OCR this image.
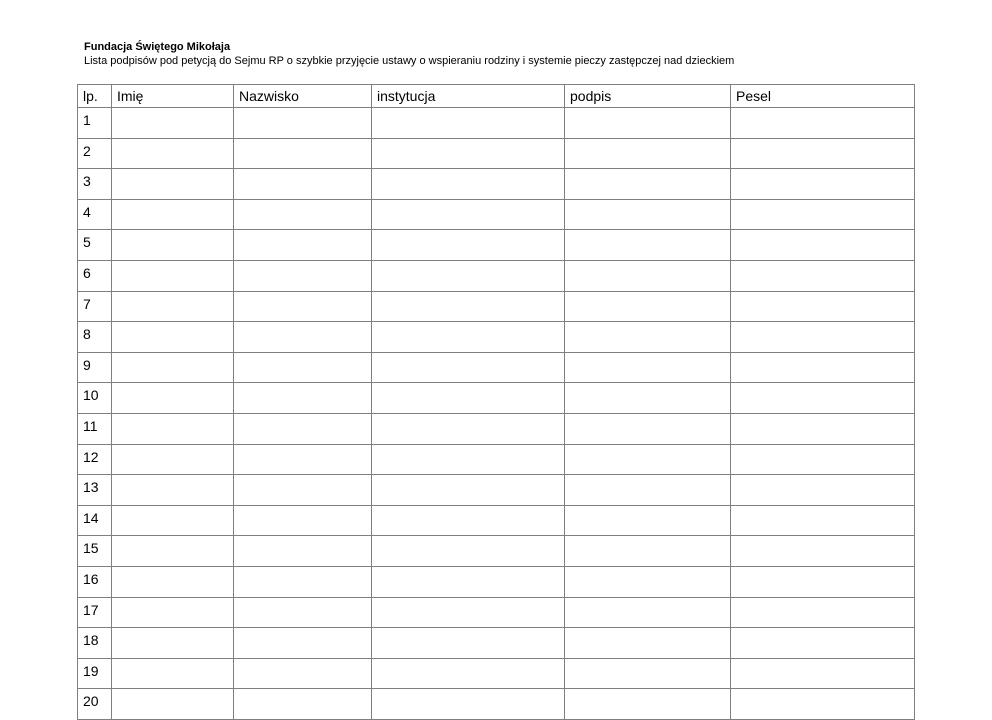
Fundacja Świętego Mikołaja
Lista podpisów pod petycją do Sejmu RP o szybkie przyjęcie ustawy o wspieraniu rodziny i systemie pieczy zastępczej nad dzieckiem
lp.	Imię	Nazwisko	instytucja	podpis	Pesel
1					
2					
3					
4					
5					
6					
7					
8					
9					
10					
11					
12					
13					
14					
15					
16					
17					
18					
19					
20					
